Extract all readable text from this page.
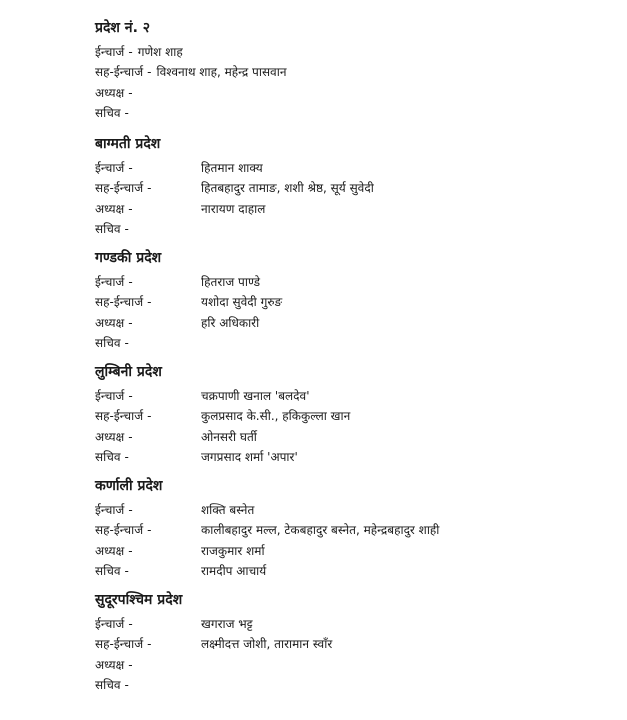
प्रदेश नं. २
ईन्चार्ज - गणेश शाह
सह-ईन्चार्ज - विश्वनाथ शाह, महेन्द्र पासवान
अध्यक्ष -
सचिव -
बाग्मती प्रदेश
ईन्चार्ज -	हितमान शाक्य
सह-ईन्चार्ज -	हितबहादुर तामाङ, शशी श्रेष्ठ, सूर्य सुवेदी
अध्यक्ष -	नारायण दाहाल
सचिव -
गण्डकी प्रदेश
ईन्चार्ज -	हितराज पाण्डे
सह-ईन्चार्ज -	यशोदा सुवेदी गुरुङ
अध्यक्ष -	हरि अधिकारी
सचिव -
लुम्बिनी प्रदेश
ईन्चार्ज -	चक्रपाणी खनाल 'बलदेव'
सह-ईन्चार्ज -	कुलप्रसाद के.सी., हकिकुल्ला खान
अध्यक्ष -	ओनसरी घर्ती
सचिव -	जगप्रसाद शर्मा 'अपार'
कर्णाली प्रदेश
ईन्चार्ज -	शक्ति बस्नेत
सह-ईन्चार्ज -	कालीबहादुर मल्ल, टेकबहादुर बस्नेत, महेन्द्रबहादुर शाही
अध्यक्ष -	राजकुमार शर्मा
सचिव -	रामदीप आचार्य
सुदूरपश्चिम प्रदेश
ईन्चार्ज -	खगराज भट्ट
सह-ईन्चार्ज -	लक्ष्मीदत्त जोशी, तारामान स्वाँर
अध्यक्ष -
सचिव -
